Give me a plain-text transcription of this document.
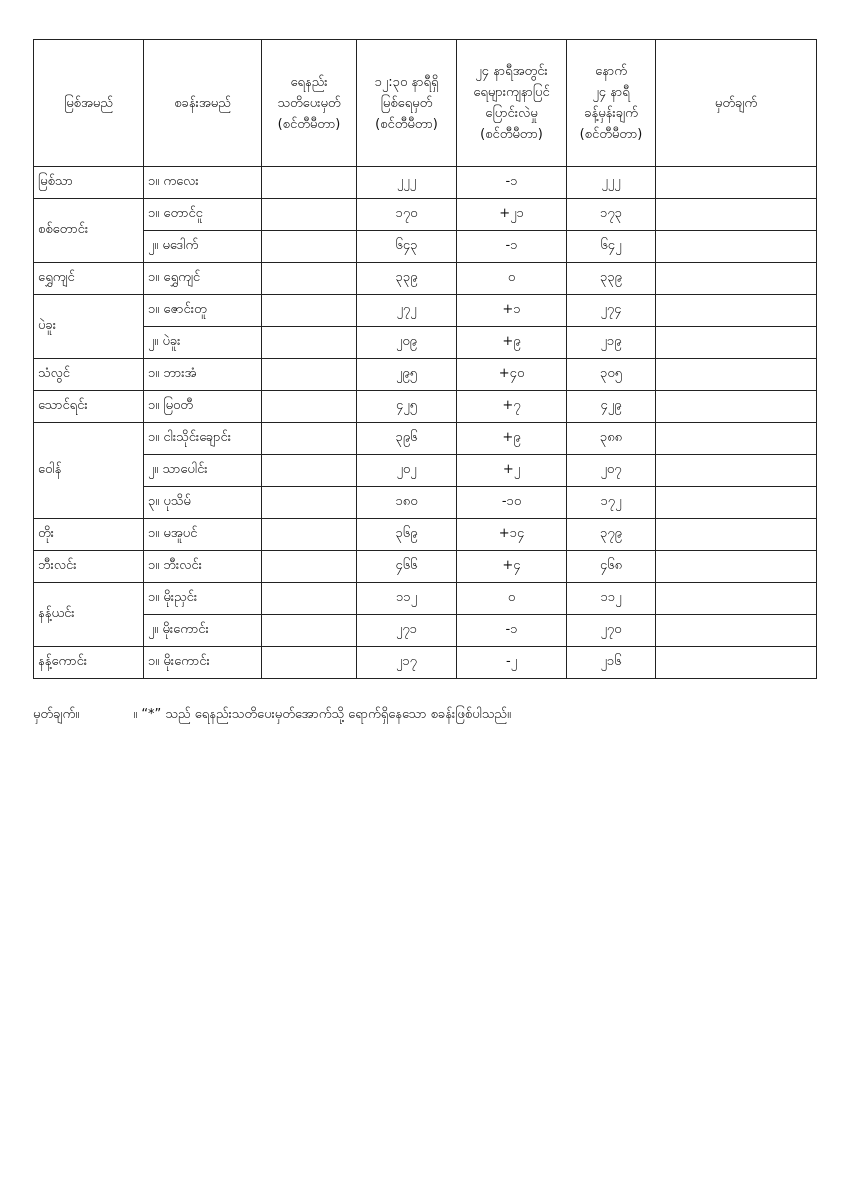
မြစ်အမည်	စခန်းအမည်	ရေနည်း
သတိပေးမှတ်
(စင်တီမီတာ)	၁၂:၃၀ နာရီရှိ
မြစ်ရေမှတ်
(စင်တီမီတာ)	၂၄ နာရီအတွင်း
ရေများကျနာပြင်
ပြောင်းလဲမှု
(စင်တီမီတာ)	နောက်
၂၄ နာရီ
ခန့်မှန်းချက်
(စင်တီမီတာ)	မှတ်ချက်
မြစ်သာ	၁။ ကလေး		၂၂၂	-၁	၂၂၂	
စစ်တောင်း	၁။ တောင်ငူ		၁၇၀	+၂၁	၁၇၃	
	၂။ မဒေါက်		၆၄၃	-၁	၆၄၂	
ရွှေကျင်	၁။ ရွှေကျင်		၃၃၉	၀	၃၃၉	
ပဲခူး	၁။ ဇောင်းတူ		၂၇၂	+၁	၂၇၄	
	၂။ ပဲခူး		၂၀၉	+၉	၂၁၉	
သံလွင်	၁။ ဘားအံ		၂၉၅	+၄၀	၃၀၅	
သောင်ရင်း	၁။ မြဝတီ		၄၂၅	+၇	၄၂၉	
ဝေါန်	၁။ ငါးသိုင်းချောင်း		၃၉၆	+၉	၃၈၈	
	၂။ သာပေါင်း		၂၀၂	+၂	၂၀၇	
	၃။ ပုသိမ်		၁၈၀	-၁၀	၁၇၂	
တိုး	၁။ မအူပင်		၃၆၉	+၁၄	၃၇၉	
ဘီးလင်း	၁။ ဘီးလင်း		၄၆၆	+၄	၄၆၈	
နန့်ယင်း	၁။ မိုးညှင်း		၁၁၂	၀	၁၁၂	
	၂။ မိုးကောင်း		၂၇၁	-၁	၂၇၀	
နန့်ကောင်း	၁။ မိုးကောင်း		၂၁၇	-၂	၂၁၆	
မှတ်ချက်။	။ “*” သည် ရေနည်းသတိပေးမှတ်အောက်သို့ ရောက်ရှိနေသော စခန်းဖြစ်ပါသည်။
